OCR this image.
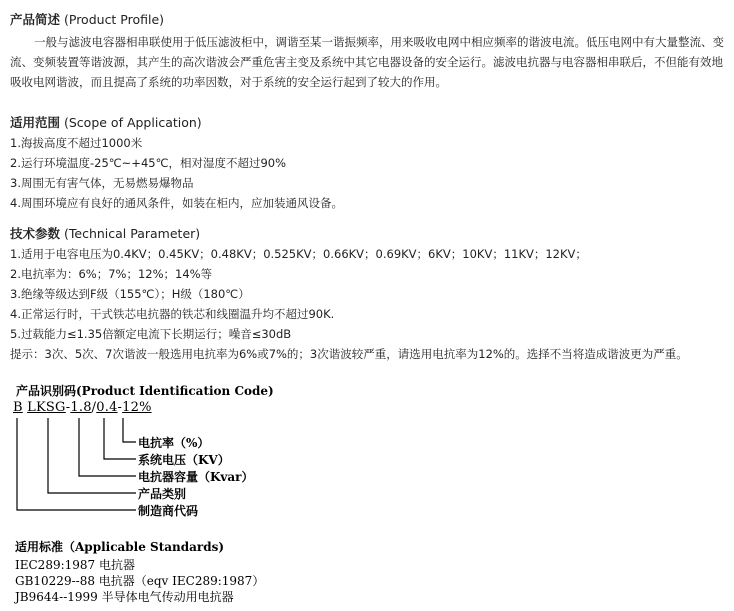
产品简述 (Product Profile)
一般与滤波电容器相串联使用于低压滤波柜中，调谐至某一谐振频率，用来吸收电网中相应频率的谐波电流。低压电网中有大量整流、变流、变频装置等谐波源，其产生的高次谐波会严重危害主变及系统中其它电器设备的安全运行。滤波电抗器与电容器相串联后，不但能有效地吸收电网谐波，而且提高了系统的功率因数，对于系统的安全运行起到了较大的作用。
适用范围 (Scope of Application)
1.海拔高度不超过1000米
2.运行环境温度-25℃~+45℃，相对湿度不超过90%
3.周围无有害气体，无易燃易爆物品
4.周围环境应有良好的通风条件，如装在柜内，应加装通风设备。
技术参数 (Technical Parameter)
1.适用于电容电压为0.4KV；0.45KV；0.48KV；0.525KV；0.66KV；0.69KV；6KV；10KV；11KV；12KV；
2.电抗率为：6%；7%；12%；14%等
3.绝缘等级达到F级（155℃）；H级（180℃）
4.正常运行时，干式铁芯电抗器的铁芯和线圈温升均不超过90K.
5.过载能力≤1.35倍额定电流下长期运行；噪音≤30dB
提示：3次、5次、7次谐波一般选用电抗率为6%或7%的；3次谐波较严重，请选用电抗率为12%的。选择不当将造成谐波更为严重。
产品识别码(Product Identification Code)
B LKSG-1.8/0.4-12%
电抗率（%）
系统电压（KV）
电抗器容量（Kvar）
产品类别
制造商代码
适用标准（Applicable Standards)
IEC289:1987 电抗器
GB10229--88 电抗器（eqv IEC289:1987）
JB9644--1999 半导体电气传动用电抗器
